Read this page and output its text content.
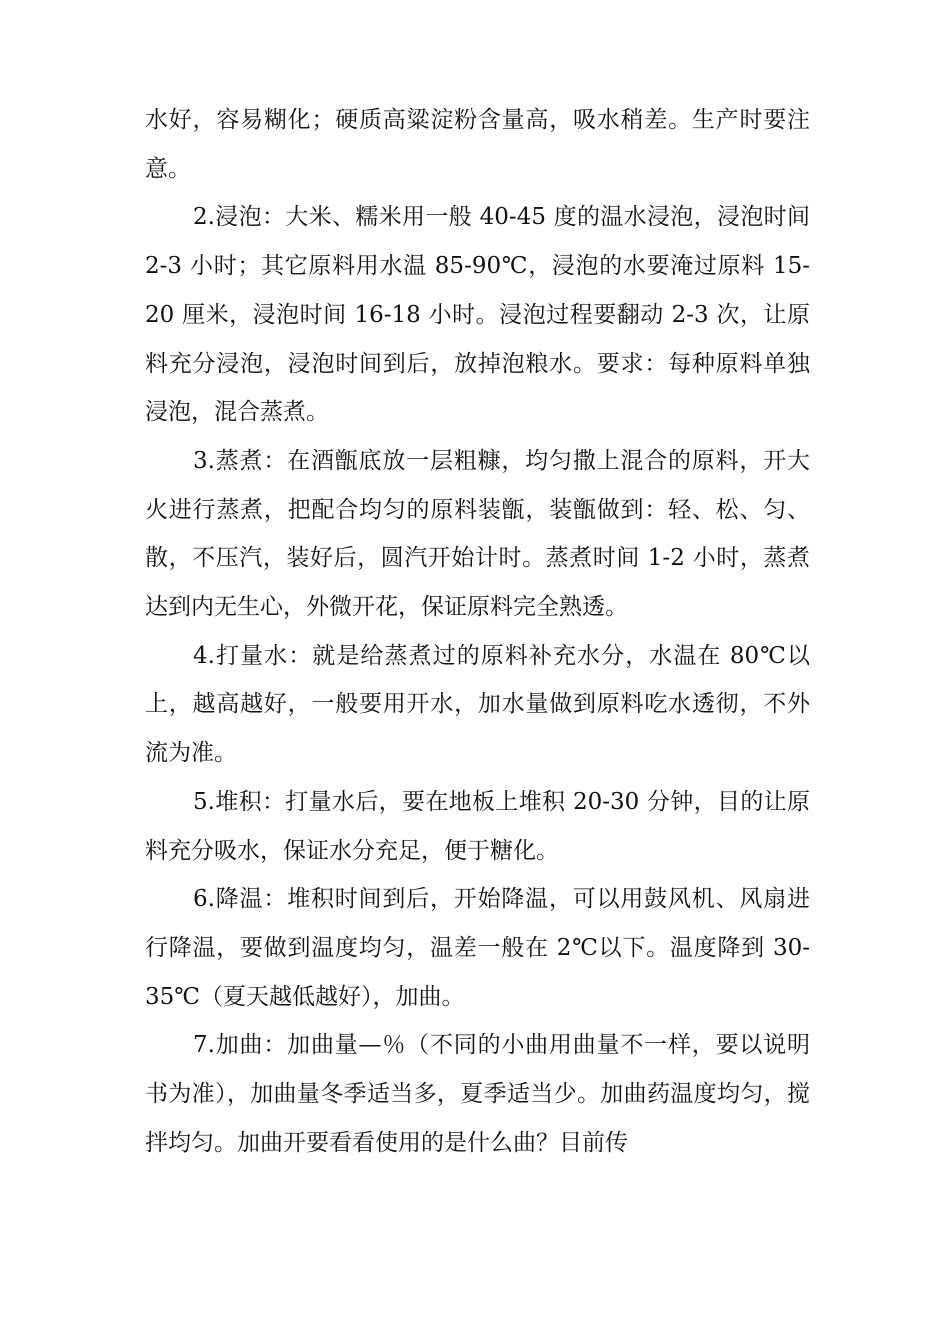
水好，容易糊化；硬质高粱淀粉含量高，吸水稍差。生产时要注意。

2.浸泡：大米、糯米用一般 40-45 度的温水浸泡，浸泡时间 2-3 小时；其它原料用水温 85-90℃，浸泡的水要淹过原料 15-20 厘米，浸泡时间 16-18 小时。浸泡过程要翻动 2-3 次，让原料充分浸泡，浸泡时间到后，放掉泡粮水。要求：每种原料单独浸泡，混合蒸煮。

3.蒸煮：在酒甑底放一层粗糠，均匀撒上混合的原料，开大火进行蒸煮，把配合均匀的原料装甑，装甑做到：轻、松、匀、散，不压汽，装好后，圆汽开始计时。蒸煮时间 1-2 小时，蒸煮达到内无生心，外微开花，保证原料完全熟透。

4.打量水：就是给蒸煮过的原料补充水分，水温在 80℃以上，越高越好，一般要用开水，加水量做到原料吃水透彻，不外流为准。

5.堆积：打量水后，要在地板上堆积 20-30 分钟，目的让原料充分吸水，保证水分充足，便于糖化。

6.降温：堆积时间到后，开始降温，可以用鼓风机、风扇进行降温，要做到温度均匀，温差一般在 2℃以下。温度降到 30-35℃（夏天越低越好），加曲。

7.加曲：加曲量—％（不同的小曲用曲量不一样，要以说明书为准），加曲量冬季适当多，夏季适当少。加曲药温度均匀，搅拌均匀。加曲开要看看使用的是什么曲？目前传
